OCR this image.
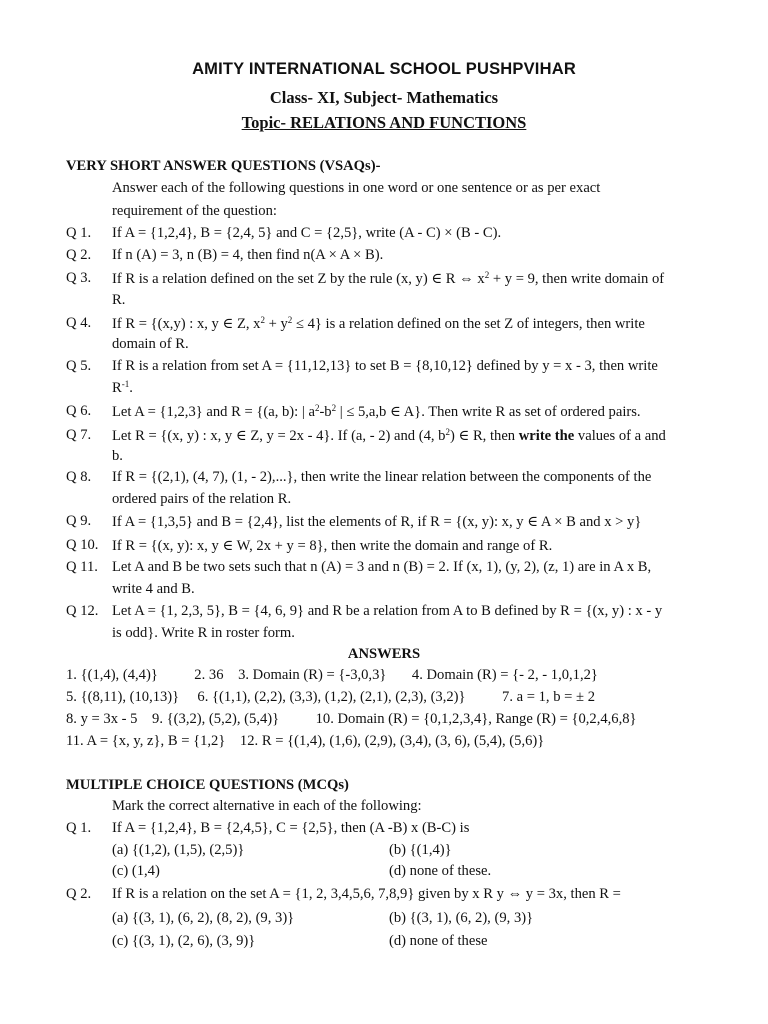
AMITY INTERNATIONAL SCHOOL PUSHPVIHAR
Class- XI, Subject- Mathematics
Topic- RELATIONS AND FUNCTIONS
VERY SHORT ANSWER QUESTIONS (VSAQs)-
Answer each of the following questions in one word or one sentence or as per exact
requirement of the question:
Q 1. If A = {1,2,4}, B = {2,4, 5} and C = {2,5}, write (A - C) × (B - C).
Q 2. If n (A) = 3, n (B) = 4, then find n(A × A × B).
Q 3. If R is a relation defined on the set Z by the rule (x, y) ∈ R ⇔ $x^2 + y = 9$, then write domain of
R.
Q 4. If R = {(x,y) : x, y ∈ Z, $x^2 + y^2 \le 4$} is a relation defined on the set Z of integers, then write
domain of R.
Q 5. If R is a relation from set A = {11,12,13} to set B = {8,10,12} defined by y = x - 3, then write
$R^{-1}$.
Q 6. Let A = {1,2,3} and R = {(a, b): | $a^2-b^2$ | ≤ 5,a,b ∈ A}. Then write R as set of ordered pairs.
Q 7. Let R = {(x, y) : x, y ∈ Z, y = 2x - 4}. If (a, - 2) and (4, $b^2$) ∈ R, then write the values of a and
b.
Q 8. If R = {(2,1), (4, 7), (1, - 2),...}, then write the linear relation between the components of the
ordered pairs of the relation R.
Q 9. If A = {1,3,5} and B = {2,4}, list the elements of R, if R = {(x, y): x, y ∈ A × B and x > y}
Q 10. If R = {(x, y): x, y ∈ W, 2x + y = 8}, then write the domain and range of R.
Q 11. Let A and B be two sets such that n (A) = 3 and n (B) = 2. If (x, 1), (y, 2), (z, 1) are in A x B,
write 4 and B.
Q 12. Let A = {1, 2,3, 5}, B = {4, 6, 9} and R be a relation from A to B defined by R = {(x, y) : x - y
is odd}. Write R in roster form.
ANSWERS
1. {(1,4), (4,4)}          2. 36    3. Domain (R) = {-3,0,3}       4. Domain (R) = {- 2, - 1,0,1,2}
5. {(8,11), (10,13)}     6. {(1,1), (2,2), (3,3), (1,2), (2,1), (2,3), (3,2)}          7. a = 1, b = ± 2
8. y = 3x - 5    9. {(3,2), (5,2), (5,4)}          10. Domain (R) = {0,1,2,3,4}, Range (R) = {0,2,4,6,8}
11. A = {x, y, z}, B = {1,2}    12. R = {(1,4), (1,6), (2,9), (3,4), (3, 6), (5,4), (5,6)}
MULTIPLE CHOICE QUESTIONS (MCQs)
Mark the correct alternative in each of the following:
Q 1. If A = {1,2,4}, B = {2,4,5}, C = {2,5}, then (A -B) x (B-C) is
(a) {(1,2), (1,5), (2,5)}	(b) {(1,4)}
(c) (1,4)	(d) none of these.
Q 2. If R is a relation on the set A = {1, 2, 3,4,5,6, 7,8,9} given by x R y ⇔ y = 3x, then R =
(a) {(3, 1), (6, 2), (8, 2), (9, 3)}	(b) {(3, 1), (6, 2), (9, 3)}
(c) {(3, 1), (2, 6), (3, 9)}	(d) none of these
